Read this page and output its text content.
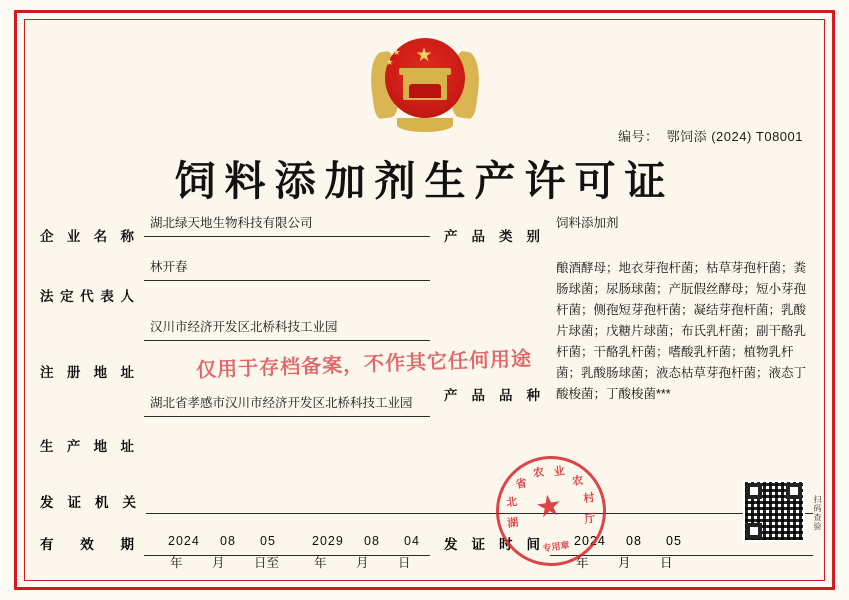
★
★
★
编号： 鄂饲添 (2024) T08001
饲料添加剂生产许可证
企业名称
湖北绿天地生物科技有限公司
法定代表人
林开春
注册地址
汉川市经济开发区北桥科技工业园
生产地址
湖北省孝感市汉川市经济开发区北桥科技工业园
产品类别
饲料添加剂
产品品种
酿酒酵母；地衣芽孢杆菌；枯草芽孢杆菌；粪肠球菌；尿肠球菌；产朊假丝酵母；短小芽孢杆菌；侧孢短芽孢杆菌；凝结芽孢杆菌；乳酸片球菌；戊糖片球菌；布氏乳杆菌；副干酪乳杆菌；干酪乳杆菌；嗜酸乳杆菌；植物乳杆菌；乳酸肠球菌；液态枯草芽孢杆菌；液态丁酸梭菌；丁酸梭菌***
有 效 期	2024 08 05	2029 08 04
年 月 日至	年 月 日
发证机关
发证时间	2024 08 05
年 月 日
湖
北
省
农 业
农
村
厅
★
专用章
仅用于存档备案，不作其它任何用途
扫码查验
